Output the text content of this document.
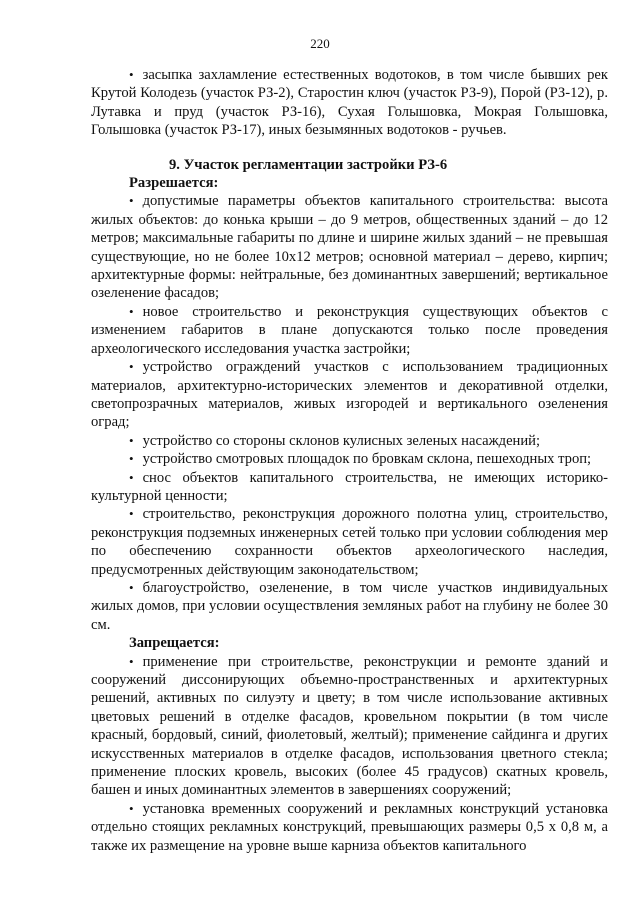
220

• засыпка захламление естественных водотоков, в том числе бывших рек Крутой Колодезь (участок РЗ-2), Старостин ключ (участок РЗ-9), Порой (РЗ-12), р. Лутавка и пруд (участок РЗ-16), Сухая Голышовка, Мокрая Голышовка, Голышовка (участок РЗ-17), иных безымянных водотоков - ручьев.

9. Участок регламентации застройки РЗ-6

Разрешается:

• допустимые параметры объектов капитального строительства: высота жилых объектов: до конька крыши – до 9 метров, общественных зданий – до 12 метров; максимальные габариты по длине и ширине жилых зданий – не превышая существующие, но не более 10x12 метров; основной материал – дерево, кирпич; архитектурные формы: нейтральные, без доминантных завершений; вертикальное озеленение фасадов;

• новое строительство и реконструкция существующих объектов с изменением габаритов в плане допускаются только после проведения археологического исследования участка застройки;

• устройство ограждений участков с использованием традиционных материалов, архитектурно-исторических элементов и декоративной отделки, светопрозрачных материалов, живых изгородей и вертикального озеленения оград;

• устройство со стороны склонов кулисных зеленых насаждений;

• устройство смотровых площадок по бровкам склона, пешеходных троп;

• снос объектов капитального строительства, не имеющих историко-культурной ценности;

• строительство, реконструкция дорожного полотна улиц, строительство, реконструкция подземных инженерных сетей только при условии соблюдения мер по обеспечению сохранности объектов археологического наследия, предусмотренных действующим законодательством;

• благоустройство, озеленение, в том числе участков индивидуальных жилых домов, при условии осуществления земляных работ на глубину не более 30 см.

Запрещается:

• применение при строительстве, реконструкции и ремонте зданий и сооружений диссонирующих объемно-пространственных и архитектурных решений, активных по силуэту и цвету; в том числе использование активных цветовых решений в отделке фасадов, кровельном покрытии (в том числе красный, бордовый, синий, фиолетовый, желтый); применение сайдинга и других искусственных материалов в отделке фасадов, использования цветного стекла; применение плоских кровель, высоких (более 45 градусов) скатных кровель, башен и иных доминантных элементов в завершениях сооружений;

• установка временных сооружений и рекламных конструкций установка отдельно стоящих рекламных конструкций, превышающих размеры 0,5 х 0,8 м, а также их размещение на уровне выше карниза объектов капитального
